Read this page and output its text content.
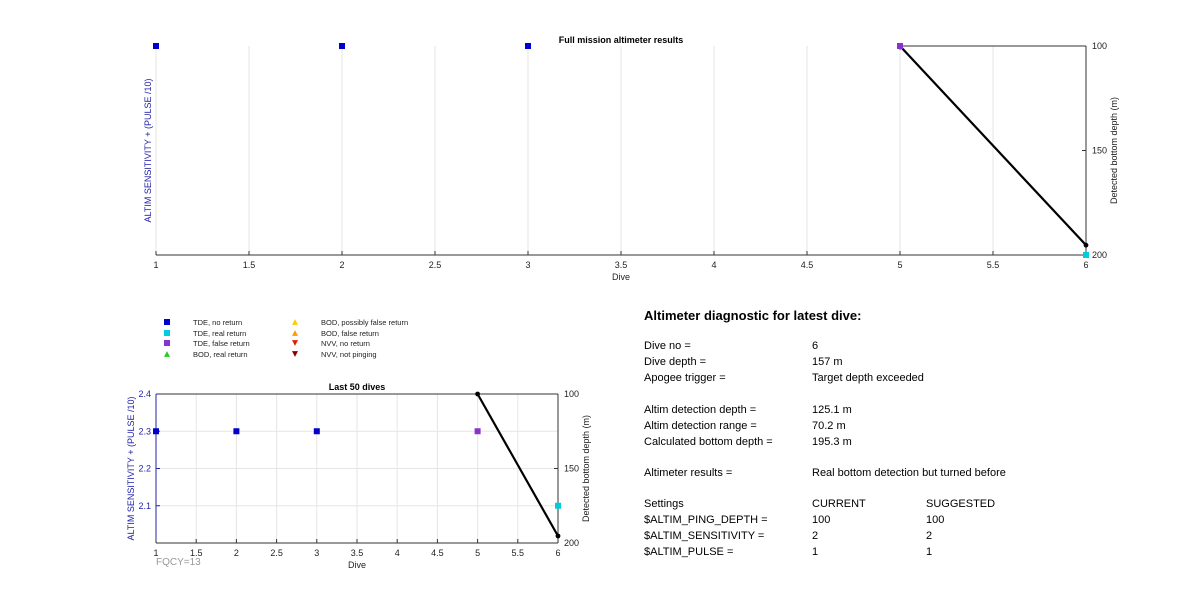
1	1.5	2	2.5	3	3.5	4	4.5	5	5.5	6
100
150
200
Full mission altimeter results
Dive
ALTIM SENSITIVITY + (PULSE /10)	Detected bottom depth (m)
1	1.5	2	2.5	3	3.5	4	4.5	5	5.5	6
100
150
200
2.1
2.2
2.3
2.4
Last 50 dives
Dive
ALTIM SENSITIVITY + (PULSE /10)	Detected bottom depth (m)
TDE, no return
TDE, real return
TDE, false return
BOD, real return
BOD, possibly false return
BOD, false return
NVV, no return
NVV, not pinging
Altimeter diagnostic for latest dive:
Dive no =	6
Dive depth =	157 m
Apogee trigger =	Target depth exceeded
Altim detection depth =	125.1 m
Altim detection range =	70.2 m
Calculated bottom depth =	195.3 m
Altimeter results =	Real bottom detection but turned before
Settings	CURRENT	SUGGESTED
$ALTIM_PING_DEPTH =	100	100
$ALTIM_SENSITIVITY =	2	2
$ALTIM_PULSE =	1	1
FQCY=13
